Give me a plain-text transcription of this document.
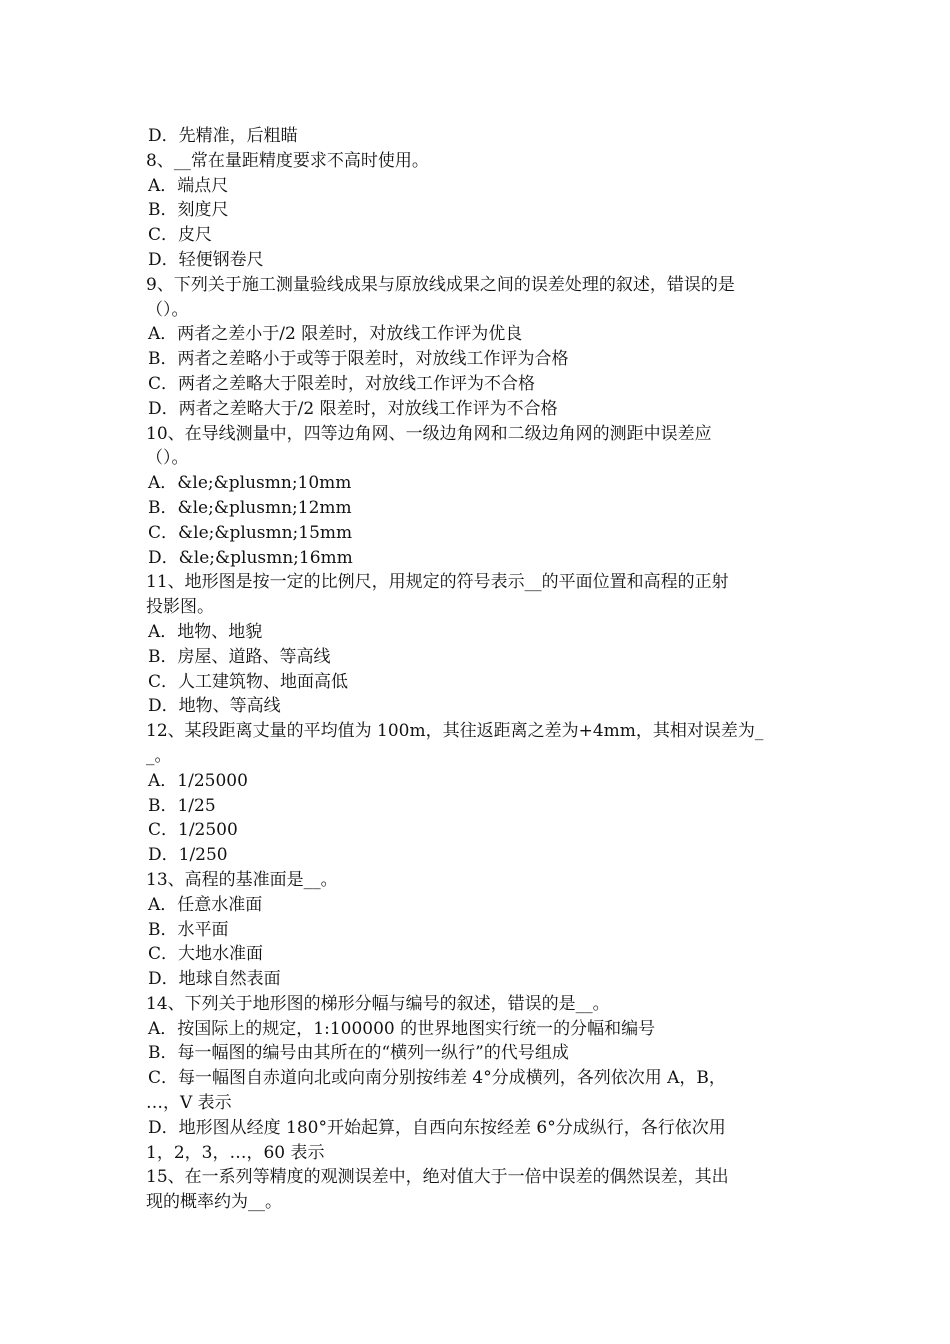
D．先精准，后粗瞄
8、__常在量距精度要求不高时使用。
A．端点尺
B．刻度尺
C．皮尺
D．轻便钢卷尺
9、下列关于施工测量验线成果与原放线成果之间的误差处理的叙述，错误的是
（）。
A．两者之差小于/2 限差时，对放线工作评为优良
B．两者之差略小于或等于限差时，对放线工作评为合格
C．两者之差略大于限差时，对放线工作评为不合格
D．两者之差略大于/2 限差时，对放线工作评为不合格
10、在导线测量中，四等边角网、一级边角网和二级边角网的测距中误差应
（）。
A．&le;&plusmn;10mm
B．&le;&plusmn;12mm
C．&le;&plusmn;15mm
D．&le;&plusmn;16mm
11、地形图是按一定的比例尺，用规定的符号表示__的平面位置和高程的正射
投影图。
A．地物、地貌
B．房屋、道路、等高线
C．人工建筑物、地面高低
D．地物、等高线
12、某段距离丈量的平均值为 100m，其往返距离之差为+4mm，其相对误差为_
_。
A．1/25000
B．1/25
C．1/2500
D．1/250
13、高程的基准面是__。
A．任意水准面
B．水平面
C．大地水准面
D．地球自然表面
14、下列关于地形图的梯形分幅与编号的叙述，错误的是__。
A．按国际上的规定，1:100000 的世界地图实行统一的分幅和编号
B．每一幅图的编号由其所在的“横列一纵行”的代号组成
C．每一幅图自赤道向北或向南分别按纬差 4°分成横列，各列依次用 A，B，
…，V 表示
D．地形图从经度 180°开始起算，自西向东按经差 6°分成纵行，各行依次用
1，2，3，…，60 表示
15、在一系列等精度的观测误差中，绝对值大于一倍中误差的偶然误差，其出
现的概率约为__。
